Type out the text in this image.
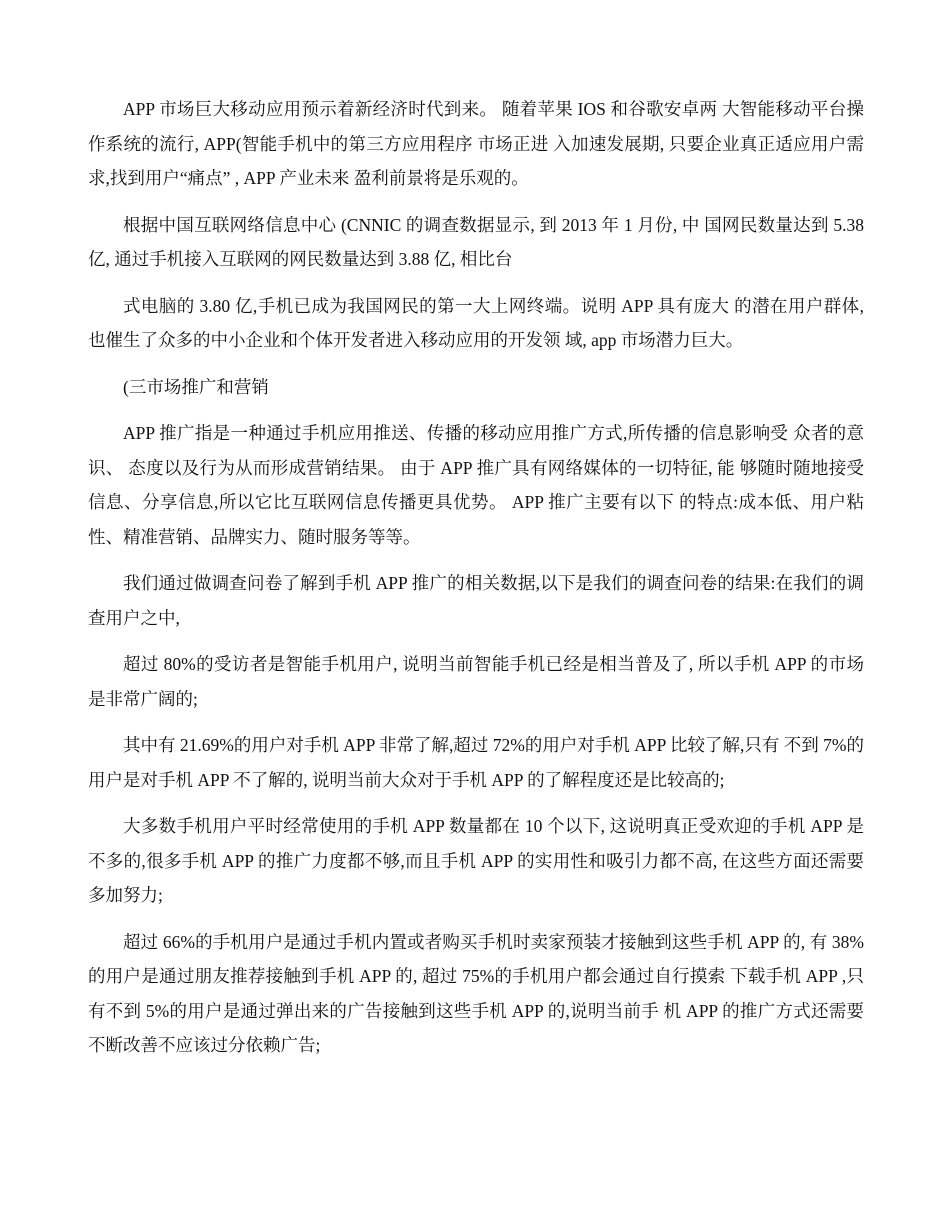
APP 市场巨大移动应用预示着新经济时代到来。 随着苹果 IOS 和谷歌安卓两 大智能移动平台操作系统的流行, APP(智能手机中的第三方应用程序 市场正进 入加速发展期, 只要企业真正适应用户需求,找到用户“痛点” , APP 产业未来 盈利前景将是乐观的。

根据中国互联网络信息中心 (CNNIC 的调查数据显示, 到 2013 年 1 月份, 中 国网民数量达到 5.38 亿, 通过手机接入互联网的网民数量达到 3.88 亿, 相比台

式电脑的 3.80 亿,手机已成为我国网民的第一大上网终端。说明 APP 具有庞大 的潜在用户群体, 也催生了众多的中小企业和个体开发者进入移动应用的开发领 域, app 市场潜力巨大。

(三市场推广和营销

APP 推广指是一种通过手机应用推送、传播的移动应用推广方式,所传播的信息影响受 众者的意识、 态度以及行为从而形成营销结果。 由于 APP 推广具有网络媒体的一切特征, 能 够随时随地接受信息、分享信息,所以它比互联网信息传播更具优势。 APP 推广主要有以下 的特点:成本低、用户粘性、精准营销、品牌实力、随时服务等等。

我们通过做调查问卷了解到手机 APP 推广的相关数据,以下是我们的调查问卷的结果:在我们的调查用户之中,

超过 80%的受访者是智能手机用户, 说明当前智能手机已经是相当普及了, 所以手机 APP 的市场是非常广阔的;

其中有 21.69%的用户对手机 APP 非常了解,超过 72%的用户对手机 APP 比较了解,只有 不到 7%的用户是对手机 APP 不了解的, 说明当前大众对于手机 APP 的了解程度还是比较高的;

大多数手机用户平时经常使用的手机 APP 数量都在 10 个以下, 这说明真正受欢迎的手机 APP 是不多的,很多手机 APP 的推广力度都不够,而且手机 APP 的实用性和吸引力都不高, 在这些方面还需要多加努力;

超过 66%的手机用户是通过手机内置或者购买手机时卖家预装才接触到这些手机 APP 的, 有 38%的用户是通过朋友推荐接触到手机 APP 的, 超过 75%的手机用户都会通过自行摸索 下载手机 APP ,只有不到 5%的用户是通过弹出来的广告接触到这些手机 APP 的,说明当前手 机 APP 的推广方式还需要不断改善不应该过分依赖广告;
